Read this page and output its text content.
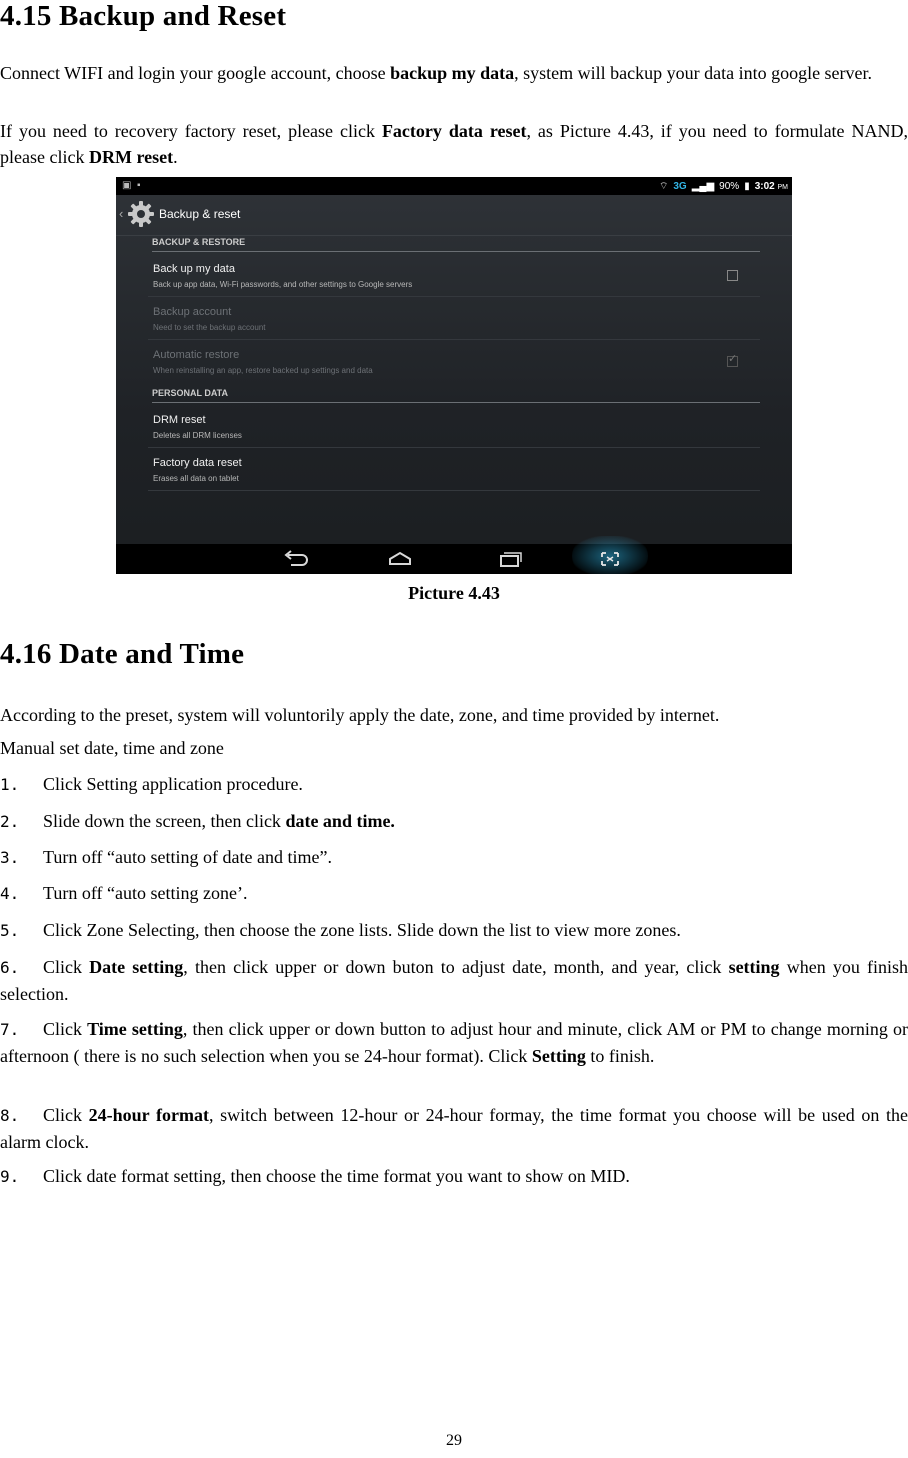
4.15 Backup and Reset

Connect WIFI and login your google account, choose backup my data, system will backup your data into google server.

If you need to recovery factory reset, please click Factory data reset, as Picture 4.43, if you need to formulate NAND, please click DRM reset.

▣  ▪	⌔ 3G ▂▄▆ 90% ▮ 3:02 PM
‹	Backup & reset
BACKUP & RESTORE
Back up my data
Back up app data, Wi-Fi passwords, and other settings to Google servers
Backup account
Need to set the backup account
Automatic restore
When reinstalling an app, restore backed up settings and data
✓
PERSONAL DATA
DRM reset
Deletes all DRM licenses
Factory data reset
Erases all data on tablet
Picture 4.43
4.16 Date and Time

According to the preset, system will voluntorily apply the date, zone, and time provided by internet.

Manual set date, time and zone

1. Click Setting application procedure.
2. Slide down the screen, then click date and time.
3. Turn off “auto setting of date and time”.
4. Turn off “auto setting zone’.
5. Click Zone Selecting, then choose the zone lists. Slide down the list to view more zones.
6. Click Date setting, then click upper or down buton to adjust date, month, and year, click setting when you finish selection.
7. Click Time setting, then click upper or down button to adjust hour and minute, click AM or PM to change morning or afternoon ( there is no such selection when you se 24-hour format). Click Setting to finish.
8. Click 24-hour format, switch between 12-hour or 24-hour formay, the time format you choose will be used on the alarm clock.
9. Click date format setting, then choose the time format you want to show on MID.
29
